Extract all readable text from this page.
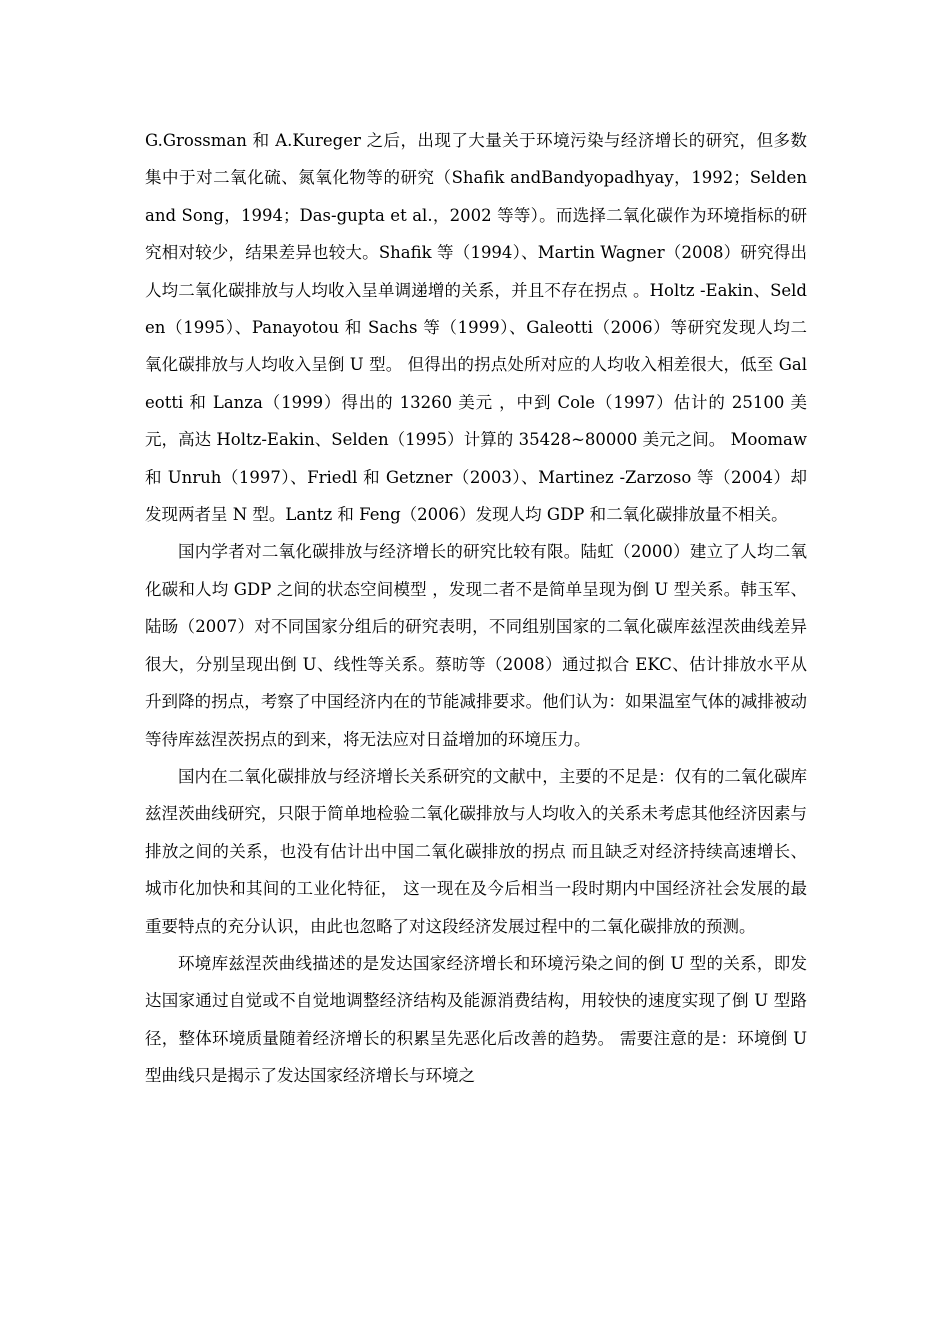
G.Grossman 和 A.Kureger 之后，出现了大量关于环境污染与经济增长的研究，但多数集中于对二氧化硫、氮氧化物等的研究（Shafik andBandyopadhyay，1992；Selden and Song，1994；Das-gupta et al.，2002 等等）。而选择二氧化碳作为环境指标的研究相对较少，结果差异也较大。Shafik 等（1994）、Martin Wagner（2008）研究得出人均二氧化碳排放与人均收入呈单调递增的关系，并且不存在拐点 。Holtz -Eakin、Selden（1995）、Panayotou 和 Sachs 等（1999）、Galeotti（2006）等研究发现人均二氧化碳排放与人均收入呈倒 U 型。 但得出的拐点处所对应的人均收入相差很大，低至 Galeotti 和 Lanza（1999）得出的 13260 美元 ，中到 Cole（1997）估计的 25100 美元，高达 Holtz-Eakin、Selden（1995）计算的 35428~80000 美元之间。 Moomaw 和 Unruh（1997）、Friedl 和 Getzner（2003）、Martinez -Zarzoso 等（2004）却发现两者呈 N 型。Lantz 和 Feng（2006）发现人均 GDP 和二氧化碳排放量不相关。

国内学者对二氧化碳排放与经济增长的研究比较有限。陆虹（2000）建立了人均二氧化碳和人均 GDP 之间的状态空间模型 ，发现二者不是简单呈现为倒 U 型关系。韩玉军、陆旸（2007）对不同国家分组后的研究表明，不同组别国家的二氧化碳库兹涅茨曲线差异很大，分别呈现出倒 U、线性等关系。蔡昉等（2008）通过拟合 EKC、估计排放水平从升到降的拐点，考察了中国经济内在的节能减排要求。他们认为：如果温室气体的减排被动等待库兹涅茨拐点的到来，将无法应对日益增加的环境压力。

国内在二氧化碳排放与经济增长关系研究的文献中，主要的不足是：仅有的二氧化碳库兹涅茨曲线研究，只限于简单地检验二氧化碳排放与人均收入的关系未考虑其他经济因素与排放之间的关系，也没有估计出中国二氧化碳排放的拐点 而且缺乏对经济持续高速增长、 城市化加快和其间的工业化特征， 这一现在及今后相当一段时期内中国经济社会发展的最重要特点的充分认识，由此也忽略了对这段经济发展过程中的二氧化碳排放的预测。

环境库兹涅茨曲线描述的是发达国家经济增长和环境污染之间的倒 U 型的关系，即发达国家通过自觉或不自觉地调整经济结构及能源消费结构，用较快的速度实现了倒 U 型路径，整体环境质量随着经济增长的积累呈先恶化后改善的趋势。 需要注意的是：环境倒 U 型曲线只是揭示了发达国家经济增长与环境之
